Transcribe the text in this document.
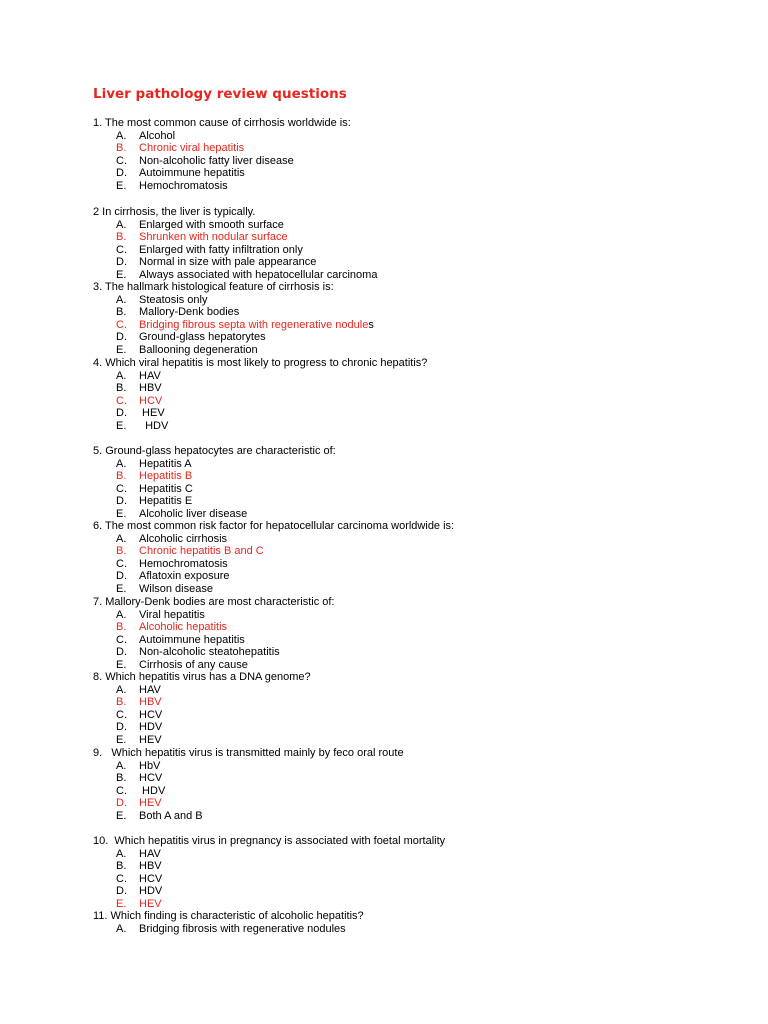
Liver pathology review questions
1. The most common cause of cirrhosis worldwide is:
A. Alcohol
B. Chronic viral hepatitis
C. Non-alcoholic fatty liver disease
D. Autoimmune hepatitis
E. Hemochromatosis
2 In cirrhosis, the liver is typically.
A. Enlarged with smooth surface
B. Shrunken with nodular surface
C. Enlarged with fatty infiltration only
D. Normal in size with pale appearance
E. Always associated with hepatocellular carcinoma
3. The hallmark histological feature of cirrhosis is:
A. Steatosis only
B. Mallory-Denk bodies
C. Bridging fibrous septa with regenerative nodules
D. Ground-glass hepatorytes
E. Ballooning degeneration
4. Which viral hepatitis is most likely to progress to chronic hepatitis?
A. HAV
B. HBV
C. HCV
D. HEV
E. HDV
5. Ground-glass hepatocytes are characteristic of:
A. Hepatitis A
B. Hepatitis B
C. Hepatitis C
D. Hepatitis E
E. Alcoholic liver disease
6. The most common risk factor for hepatocellular carcinoma worldwide is:
A. Alcoholic cirrhosis
B. Chronic hepatitis B and C
C. Hemochromatosis
D. Aflatoxin exposure
E. Wilson disease
7. Mallory-Denk bodies are most characteristic of:
A. Viral hepatitis
B. Alcoholic hepatitis
C. Autoimmune hepatitis
D. Non-alcoholic steatohepatitis
E. Cirrhosis of any cause
8. Which hepatitis virus has a DNA genome?
A. HAV
B. HBV
C. HCV
D. HDV
E. HEV
9.   Which hepatitis virus is transmitted mainly by feco oral route
A. HbV
B. HCV
C. HDV
D. HEV
E. Both A and B
10.  Which hepatitis virus in pregnancy is associated with foetal mortality
A. HAV
B. HBV
C. HCV
D. HDV
E. HEV
11. Which finding is characteristic of alcoholic hepatitis?
A. Bridging fibrosis with regenerative nodules
